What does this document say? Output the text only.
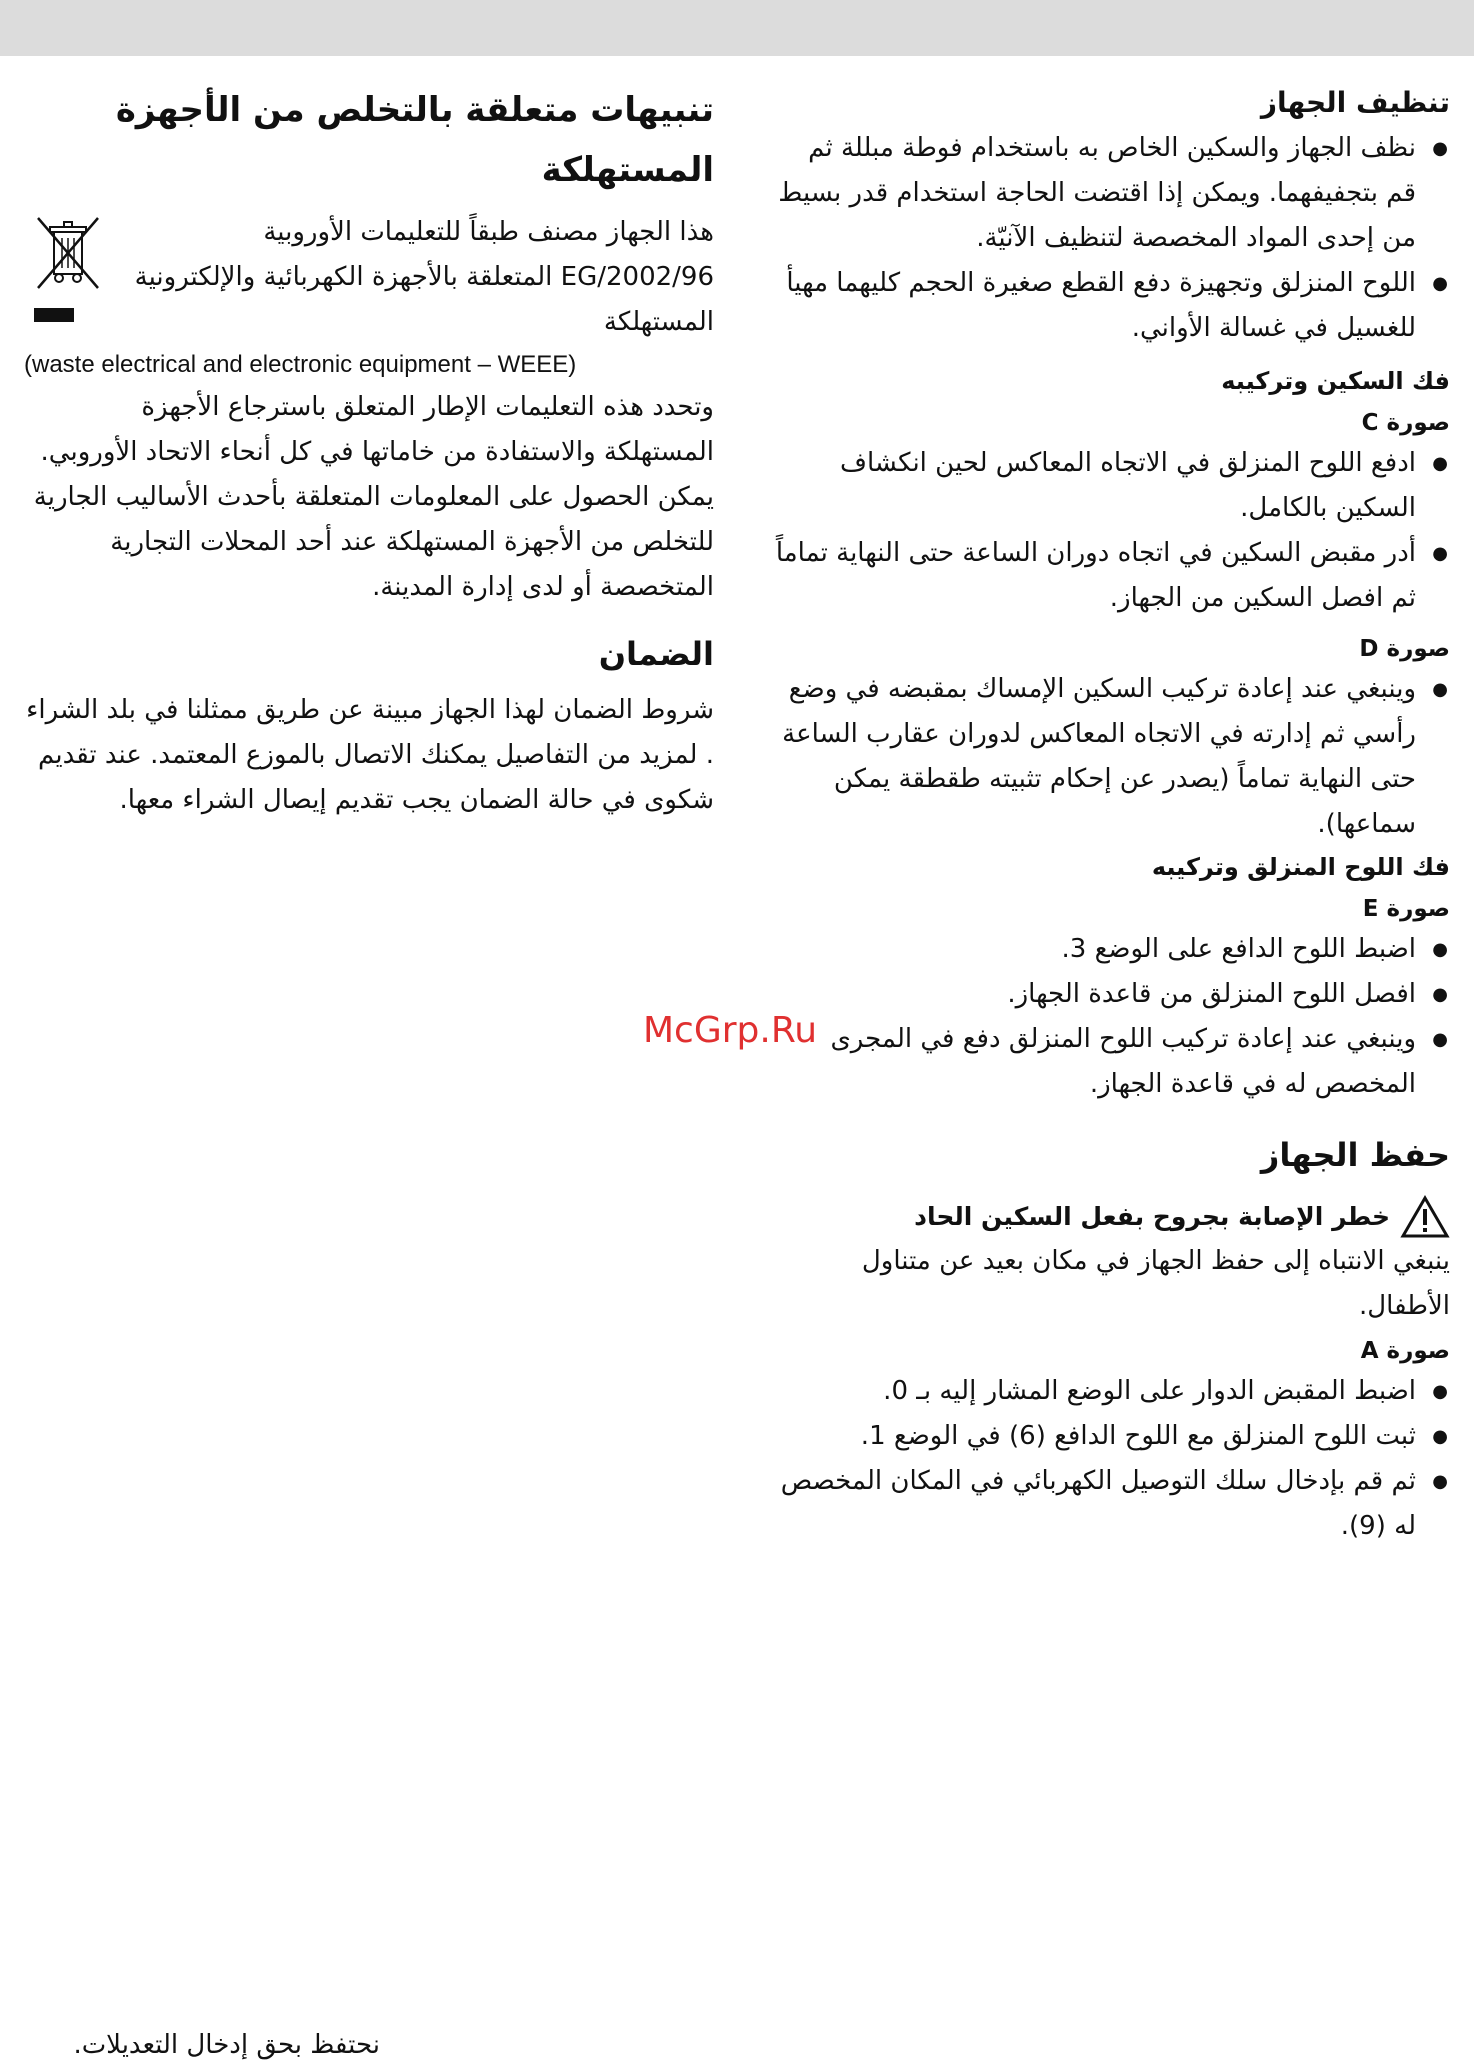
تنظيف الجهاز
● نظف الجهاز والسكين الخاص به باستخدام فوطة مبللة ثم قم بتجفيفهما. ويمكن إذا اقتضت الحاجة استخدام قدر بسيط من إحدى المواد المخصصة لتنظيف الآنيّة.
● اللوح المنزلق وتجهيزة دفع القطع صغيرة الحجم كليهما مهيأ للغسيل في غسالة الأواني.
فك السكين وتركيبه
صورة C
● ادفع اللوح المنزلق في الاتجاه المعاكس لحين انكشاف السكين بالكامل.
● أدر مقبض السكين في اتجاه دوران الساعة حتى النهاية تماماً ثم افصل السكين من الجهاز.
صورة D
● وينبغي عند إعادة تركيب السكين الإمساك بمقبضه في وضع رأسي ثم إدارته في الاتجاه المعاكس لدوران عقارب الساعة حتى النهاية تماماً (يصدر عن إحكام تثبيته طقطقة يمكن سماعها).
فك اللوح المنزلق وتركيبه
صورة E
● اضبط اللوح الدافع على الوضع 3.
● افصل اللوح المنزلق من قاعدة الجهاز.
● وينبغي عند إعادة تركيب اللوح المنزلق دفع في المجرى المخصص له في قاعدة الجهاز.
حفظ الجهاز
خطر الإصابة بجروح بفعل السكين الحاد

ينبغي الانتباه إلى حفظ الجهاز في مكان بعيد عن متناول الأطفال.

صورة A
● اضبط المقبض الدوار على الوضع المشار إليه بـ 0.
● ثبت اللوح المنزلق مع اللوح الدافع (6) في الوضع 1.
● ثم قم بإدخال سلك التوصيل الكهربائي في المكان المخصص له (9).
تنبيهات متعلقة بالتخلص من الأجهزة المستهلكة
هذا الجهاز مصنف طبقاً للتعليمات الأوروبية 2002/96/EG المتعلقة بالأجهزة الكهربائية والإلكترونية المستهلكة
(waste electrical and electronic equipment – WEEE)

وتحدد هذه التعليمات الإطار المتعلق باسترجاع الأجهزة المستهلكة والاستفادة من خاماتها في كل أنحاء الاتحاد الأوروبي. يمكن الحصول على المعلومات المتعلقة بأحدث الأساليب الجارية للتخلص من الأجهزة المستهلكة عند أحد المحلات التجارية المتخصصة أو لدى إدارة المدينة.

الضمان

شروط الضمان لهذا الجهاز مبينة عن طريق ممثلنا في بلد الشراء . لمزيد من التفاصيل يمكنك الاتصال بالموزع المعتمد. عند تقديم شكوى في حالة الضمان يجب تقديم إيصال الشراء معها.

McGrp.Ru
نحتفظ بحق إدخال التعديلات.
